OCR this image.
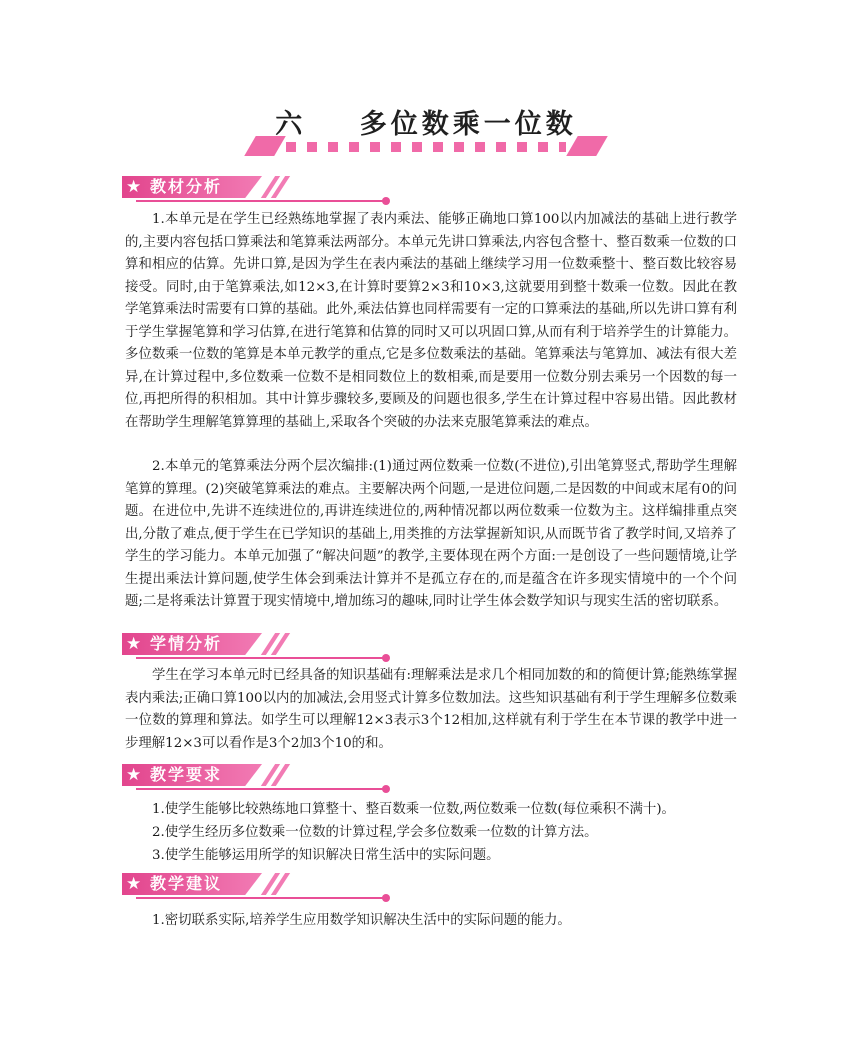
六    多位数乘一位数
★ 教材分析

1.本单元是在学生已经熟练地掌握了表内乘法、能够正确地口算100以内加减法的基础上进行教学的,主要内容包括口算乘法和笔算乘法两部分。本单元先讲口算乘法,内容包含整十、整百数乘一位数的口算和相应的估算。先讲口算,是因为学生在表内乘法的基础上继续学习用一位数乘整十、整百数比较容易接受。同时,由于笔算乘法,如12×3,在计算时要算2×3和10×3,这就要用到整十数乘一位数。因此在教学笔算乘法时需要有口算的基础。此外,乘法估算也同样需要有一定的口算乘法的基础,所以先讲口算有利于学生掌握笔算和学习估算,在进行笔算和估算的同时又可以巩固口算,从而有利于培养学生的计算能力。多位数乘一位数的笔算是本单元教学的重点,它是多位数乘法的基础。笔算乘法与笔算加、减法有很大差异,在计算过程中,多位数乘一位数不是相同数位上的数相乘,而是要用一位数分别去乘另一个因数的每一位,再把所得的积相加。其中计算步骤较多,要顾及的问题也很多,学生在计算过程中容易出错。因此教材在帮助学生理解笔算算理的基础上,采取各个突破的办法来克服笔算乘法的难点。

2.本单元的笔算乘法分两个层次编排:(1)通过两位数乘一位数(不进位),引出笔算竖式,帮助学生理解笔算的算理。(2)突破笔算乘法的难点。主要解决两个问题,一是进位问题,二是因数的中间或末尾有0的问题。在进位中,先讲不连续进位的,再讲连续进位的,两种情况都以两位数乘一位数为主。这样编排重点突出,分散了难点,便于学生在已学知识的基础上,用类推的方法掌握新知识,从而既节省了教学时间,又培养了学生的学习能力。本单元加强了“解决问题”的教学,主要体现在两个方面:一是创设了一些问题情境,让学生提出乘法计算问题,使学生体会到乘法计算并不是孤立存在的,而是蕴含在许多现实情境中的一个个问题;二是将乘法计算置于现实情境中,增加练习的趣味,同时让学生体会数学知识与现实生活的密切联系。

★ 学情分析

学生在学习本单元时已经具备的知识基础有:理解乘法是求几个相同加数的和的简便计算;能熟练掌握表内乘法;正确口算100以内的加减法,会用竖式计算多位数加法。这些知识基础有利于学生理解多位数乘一位数的算理和算法。如学生可以理解12×3表示3个12相加,这样就有利于学生在本节课的教学中进一步理解12×3可以看作是3个2加3个10的和。

★ 教学要求

1.使学生能够比较熟练地口算整十、整百数乘一位数,两位数乘一位数(每位乘积不满十)。

2.使学生经历多位数乘一位数的计算过程,学会多位数乘一位数的计算方法。

3.使学生能够运用所学的知识解决日常生活中的实际问题。

★ 教学建议

1.密切联系实际,培养学生应用数学知识解决生活中的实际问题的能力。
